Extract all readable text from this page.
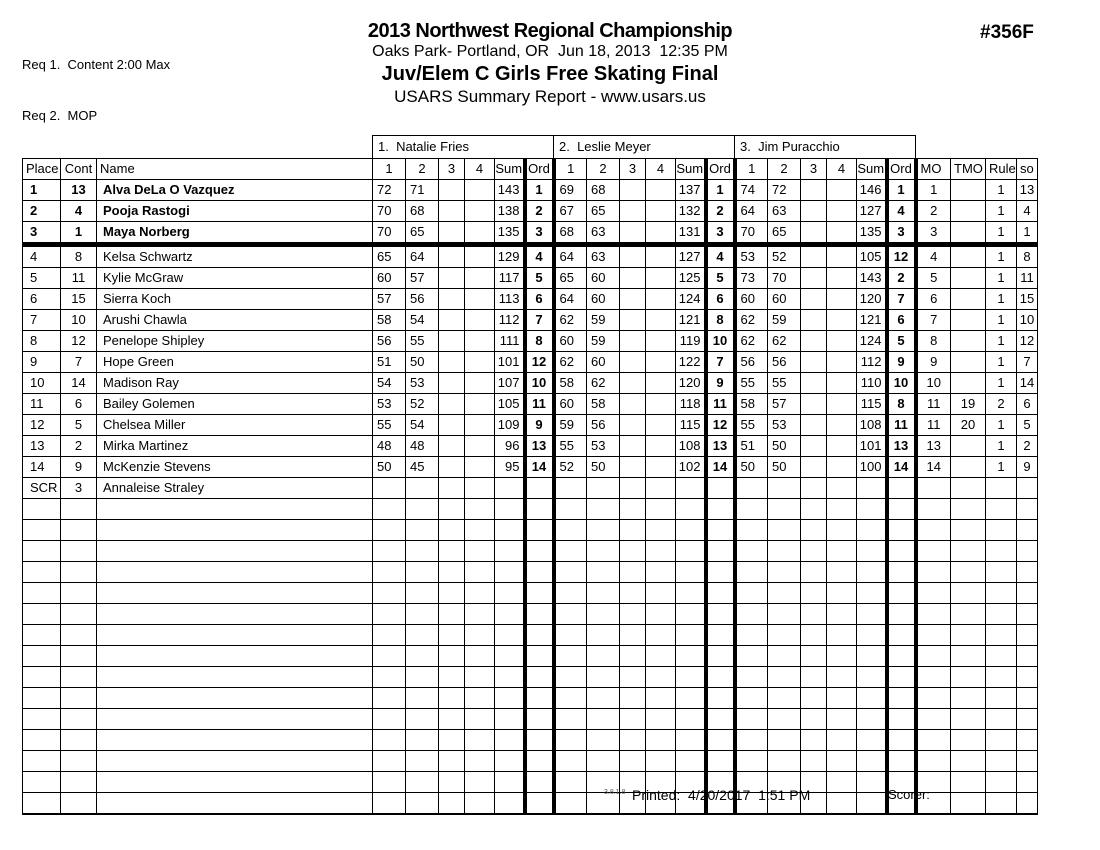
Req 1.  Content 2:00 Max

Req 2.  MOP

2013 Northwest Regional Championship
Oaks Park- Portland, OR  Jun 18, 2013  12:35 PM
Juv/Elem C Girls Free Skating Final
USARS Summary Report - www.usars.us
#356F
			1.  Natalie Fries						2.  Leslie Meyer						3.  Jim Puracchio									
Place	Cont	Name	1	2	3	4	Sum	Ord	1	2	3	4	Sum	Ord	1	2	3	4	Sum	Ord	MO	TMO	Rule	so
1	13	Alva DeLa O Vazquez	72	71			143	1	69	68			137	1	74	72			146	1	1		1	13
2	4	Pooja Rastogi	70	68			138	2	67	65			132	2	64	63			127	4	2		1	4
3	1	Maya Norberg	70	65			135	3	68	63			131	3	70	65			135	3	3		1	1
4	8	Kelsa Schwartz	65	64			129	4	64	63			127	4	53	52			105	12	4		1	8
5	11	Kylie McGraw	60	57			117	5	65	60			125	5	73	70			143	2	5		1	11
6	15	Sierra Koch	57	56			113	6	64	60			124	6	60	60			120	7	6		1	15
7	10	Arushi Chawla	58	54			112	7	62	59			121	8	62	59			121	6	7		1	10
8	12	Penelope Shipley	56	55			111	8	60	59			119	10	62	62			124	5	8		1	12
9	7	Hope Green	51	50			101	12	62	60			122	7	56	56			112	9	9		1	7
10	14	Madison Ray	54	53			107	10	58	62			120	9	55	55			110	10	10		1	14
11	6	Bailey Golemen	53	52			105	11	60	58			118	11	58	57			115	8	11	19	2	6
12	5	Chelsea Miller	55	54			109	9	59	56			115	12	55	53			108	11	11	20	1	5
13	2	Mirka Martinez	48	48			96	13	55	53			108	13	51	50			101	13	13		1	2
14	9	McKenzie Stevens	50	45			95	14	52	50			102	14	50	50			100	14	14		1	9
SCR	3	Annaleise Straley																						

3.8.1.8 Printed:  4/20/2017  1:51 PM	Scorer:
